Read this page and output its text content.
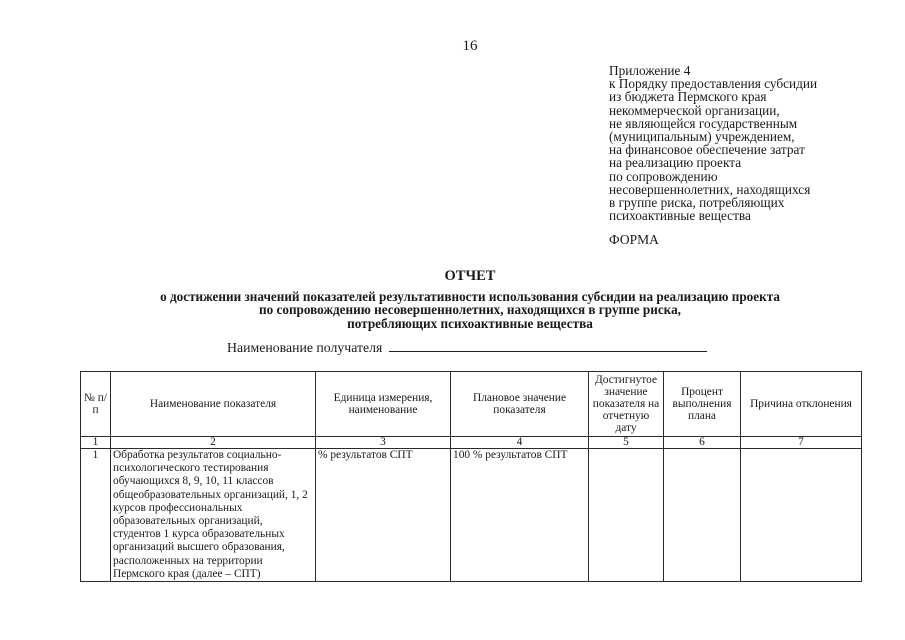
16
Приложение 4
к Порядку предоставления субсидии
из бюджета Пермского края
некоммерческой организации,
не являющейся государственным
(муниципальным) учреждением,
на финансовое обеспечение затрат
на реализацию проекта
по сопровождению
несовершеннолетних, находящихся
в группе риска, потребляющих
психоактивные вещества
ФОРМА
ОТЧЕТ
о достижении значений показателей результативности использования субсидии на реализацию проекта
по сопровождению несовершеннолетних, находящихся в группе риска,
потребляющих психоактивные вещества
Наименование получателя
№ п/п	Наименование показателя	Единица измерения, наименование	Плановое значение показателя	Достигнутое значение показателя на отчетную дату	Процент выполнения плана	Причина отклонения
1	2	3	4	5	6	7
1	Обработка результатов социально-психологического тестирования обучающихся 8, 9, 10, 11 классов общеобразовательных организаций, 1, 2 курсов профессиональных образовательных организаций, студентов 1 курса образовательных организаций высшего образования, расположенных на территории Пермского края (далее – СПТ)	% результатов СПТ	100 % результатов СПТ			
